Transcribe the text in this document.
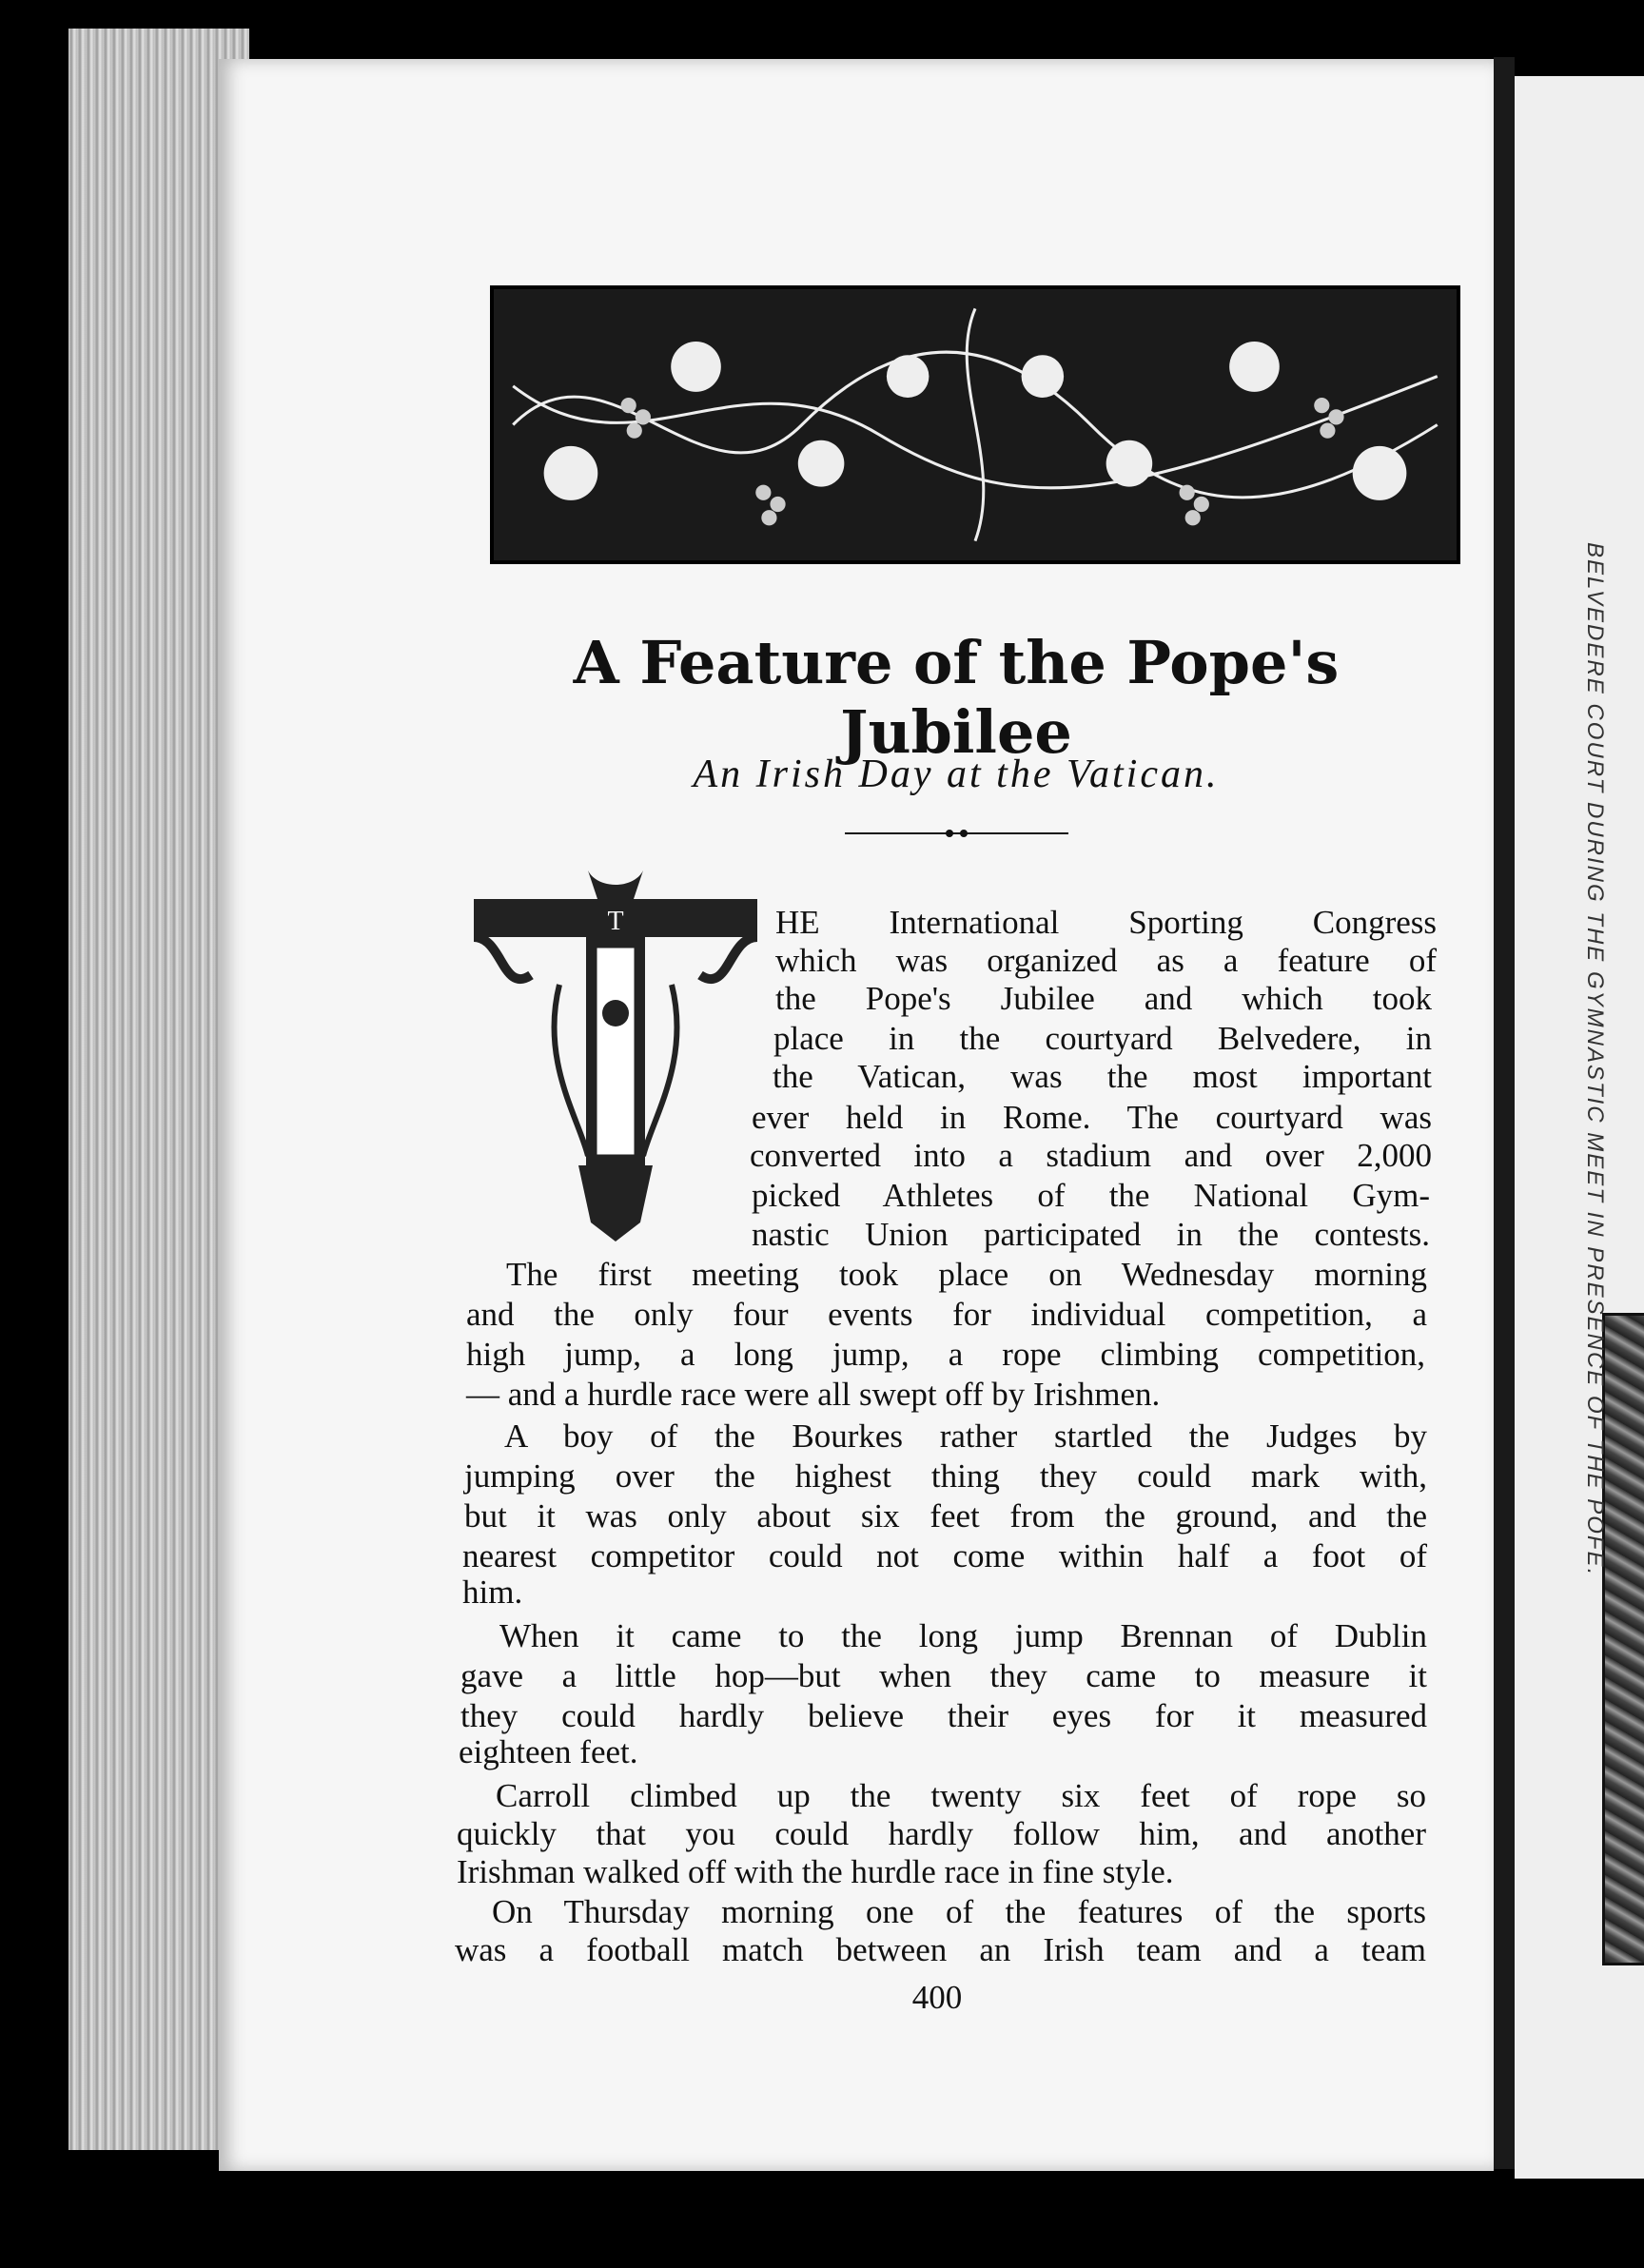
BELVEDERE COURT DURING THE GYMNASTIC MEET IN PRESENCE OF THE POFE.
A Feature of the Pope's Jubilee
An Irish Day at the Vatican.
T	HE International Sporting Congress
which was organized as a feature of
the Pope's Jubilee and which took
place in the courtyard Belvedere, in
the Vatican, was the most important
ever held in Rome. The courtyard was
converted into a stadium and over 2,000
picked Athletes of the National Gym-
nastic Union participated in the contests.
The first meeting took place on Wednesday morning
and the only four events for individual competition, a
high jump, a long jump, a rope climbing competition,
— and a hurdle race were all swept off by Irishmen.
A boy of the Bourkes rather startled the Judges by
jumping over the highest thing they could mark with,
but it was only about six feet from the ground, and the
nearest competitor could not come within half a foot of
him.
When it came to the long jump Brennan of Dublin
gave a little hop—but when they came to measure it
they could hardly believe their eyes for it measured
eighteen feet.
Carroll climbed up the twenty six feet of rope so
quickly that you could hardly follow him, and another
Irishman walked off with the hurdle race in fine style.
On Thursday morning one of the features of the sports
was a football match between an Irish team and a team
400
